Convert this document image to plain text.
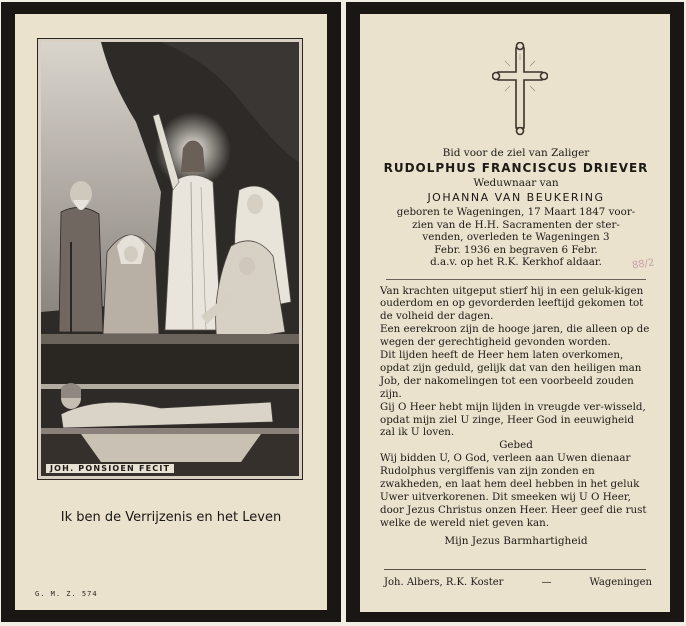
JOH. PONSIOEN FECIT
Ik ben de Verrijzenis en het Leven
G. M. Z. 574
Bid voor de ziel van Zaliger
RUDOLPHUS FRANCISCUS DRIEVER
Weduwnaar van
JOHANNA VAN BEUKERING
geboren te Wageningen, 17 Maart 1847 voor-
zien van de H.H. Sacramenten der ster-
venden, overleden te Wageningen 3
Febr. 1936 en begraven 6 Febr.
d.a.v. op het R.K. Kerkhof aldaar.

Van krachten uitgeput stierf hij in een geluk-kigen ouderdom en op gevorderden leeftijd gekomen tot de volheid der dagen.

Een eerekroon zijn de hooge jaren, die alleen op de wegen der gerechtigheid gevonden worden.

Dit lijden heeft de Heer hem laten overkomen, opdat zijn geduld, gelijk dat van den heiligen man Job, der nakomelingen tot een voorbeeld zouden zijn.

Gij O Heer hebt mijn lijden in vreugde ver-wisseld, opdat mijn ziel U zinge, Heer God in eeuwigheid zal ik U loven.

Gebed

Wij bidden U, O God, verleen aan Uwen dienaar Rudolphus vergiffenis van zijn zonden en zwakheden, en laat hem deel hebben in het geluk Uwer uitverkorenen. Dit smeeken wij U O Heer, door Jezus Christus onzen Heer. Heer geef die rust welke de wereld niet geven kan.

Mijn Jezus Barmhartigheid
88/2
Joh. Albers, R.K. Koster	—	Wageningen
